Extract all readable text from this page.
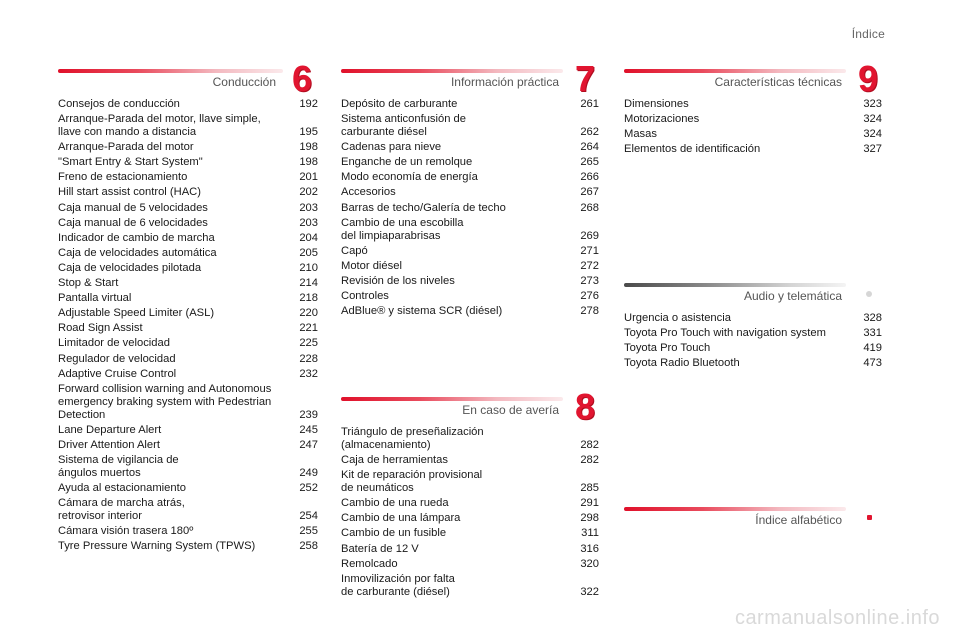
Índice
Conducción 6
Consejos de conducción	192
Arranque-Parada del motor, llave simple,
llave con mando a distancia	195
Arranque-Parada del motor	198
"Smart Entry & Start System"	198
Freno de estacionamiento	201
Hill start assist control (HAC)	202
Caja manual de 5 velocidades	203
Caja manual de 6 velocidades	203
Indicador de cambio de marcha	204
Caja de velocidades automática	205
Caja de velocidades pilotada	210
Stop & Start	214
Pantalla virtual	218
Adjustable Speed Limiter (ASL)	220
Road Sign Assist	221
Limitador de velocidad	225
Regulador de velocidad	228
Adaptive Cruise Control	232
Forward collision warning and Autonomous
emergency braking system with Pedestrian
Detection	239
Lane Departure Alert	245
Driver Attention Alert	247
Sistema de vigilancia de
ángulos muertos	249
Ayuda al estacionamiento	252
Cámara de marcha atrás,
retrovisor interior	254
Cámara visión trasera 180º	255
Tyre Pressure Warning System (TPWS)	258
Información práctica 7
Depósito de carburante	261
Sistema anticonfusión de
carburante diésel	262
Cadenas para nieve	264
Enganche de un remolque	265
Modo economía de energía	266
Accesorios	267
Barras de techo/Galería de techo	268
Cambio de una escobilla
del limpiaparabrisas	269
Capó	271
Motor diésel	272
Revisión de los niveles	273
Controles	276
AdBlue® y sistema SCR (diésel)	278
En caso de avería 8
Triángulo de preseñalización
(almacenamiento)	282
Caja de herramientas	282
Kit de reparación provisional
de neumáticos	285
Cambio de una rueda	291
Cambio de una lámpara	298
Cambio de un fusible	311
Batería de 12 V	316
Remolcado	320
Inmovilización por falta
de carburante (diésel)	322
Características técnicas 9
Dimensiones	323
Motorizaciones	324
Masas	324
Elementos de identificación	327
Audio y telemática
Urgencia o asistencia	328
Toyota Pro Touch with navigation system	331
Toyota Pro Touch	419
Toyota Radio Bluetooth	473
Índice alfabético
carmanualsonline.info
